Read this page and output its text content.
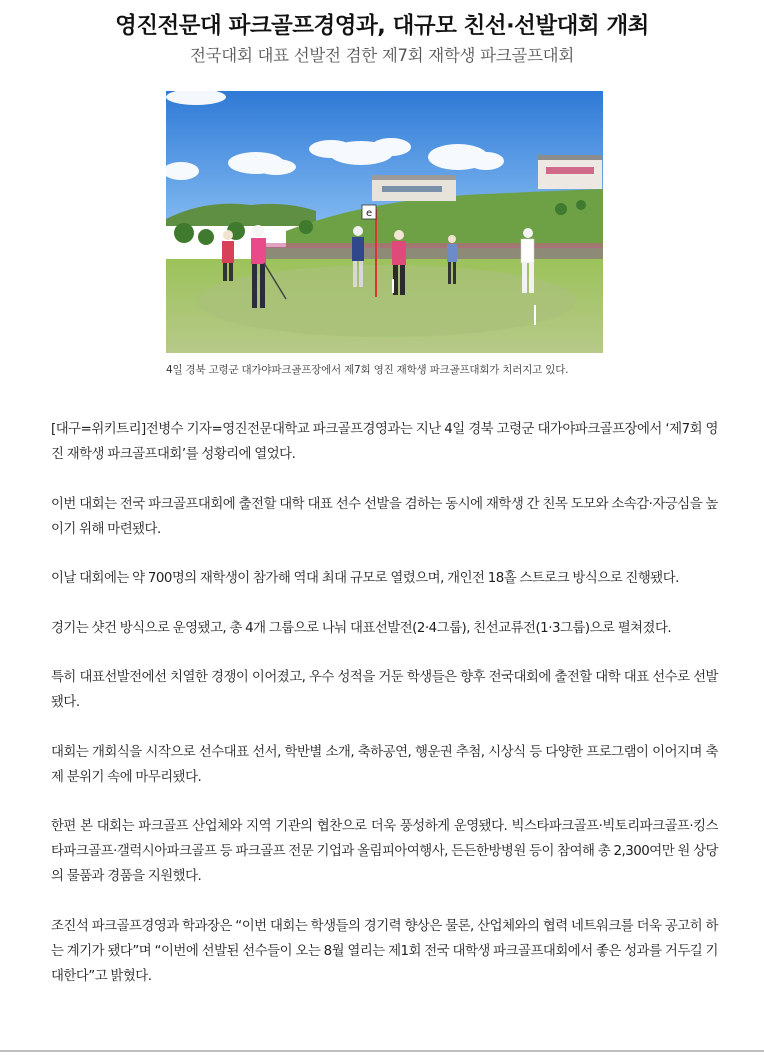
영진전문대 파크골프경영과, 대규모 친선·선발대회 개최
전국대회 대표 선발전 겸한 제7회 재학생 파크골프대회
e
4일 경북 고령군 대가야파크골프장에서 제7회 영진 재학생 파크골프대회가 치러지고 있다.

[대구=위키트리]전병수 기자=영진전문대학교 파크골프경영과는 지난 4일 경북 고령군 대가야파크골프장에서 ‘제7회 영진 재학생 파크골프대회’를 성황리에 열었다.

이번 대회는 전국 파크골프대회에 출전할 대학 대표 선수 선발을 겸하는 동시에 재학생 간 친목 도모와 소속감·자긍심을 높이기 위해 마련됐다.

이날 대회에는 약 700명의 재학생이 참가해 역대 최대 규모로 열렸으며, 개인전 18홀 스트로크 방식으로 진행됐다.

경기는 샷건 방식으로 운영됐고, 총 4개 그룹으로 나눠 대표선발전(2·4그룹), 친선교류전(1·3그룹)으로 펼쳐졌다.

특히 대표선발전에선 치열한 경쟁이 이어졌고, 우수 성적을 거둔 학생들은 향후 전국대회에 출전할 대학 대표 선수로 선발됐다.

대회는 개회식을 시작으로 선수대표 선서, 학반별 소개, 축하공연, 행운권 추첨, 시상식 등 다양한 프로그램이 이어지며 축제 분위기 속에 마무리됐다.

한편 본 대회는 파크골프 산업체와 지역 기관의 협찬으로 더욱 풍성하게 운영됐다. 빅스타파크골프·빅토리파크골프·킹스타파크골프·갤럭시아파크골프 등 파크골프 전문 기업과 올림피아여행사, 든든한방병원 등이 참여해 총 2,300여만 원 상당의 물품과 경품을 지원했다.

조진석 파크골프경영과 학과장은 “이번 대회는 학생들의 경기력 향상은 물론, 산업체와의 협력 네트워크를 더욱 공고히 하는 계기가 됐다”며 “이번에 선발된 선수들이 오는 8월 열리는 제1회 전국 대학생 파크골프대회에서 좋은 성과를 거두길 기대한다”고 밝혔다.
